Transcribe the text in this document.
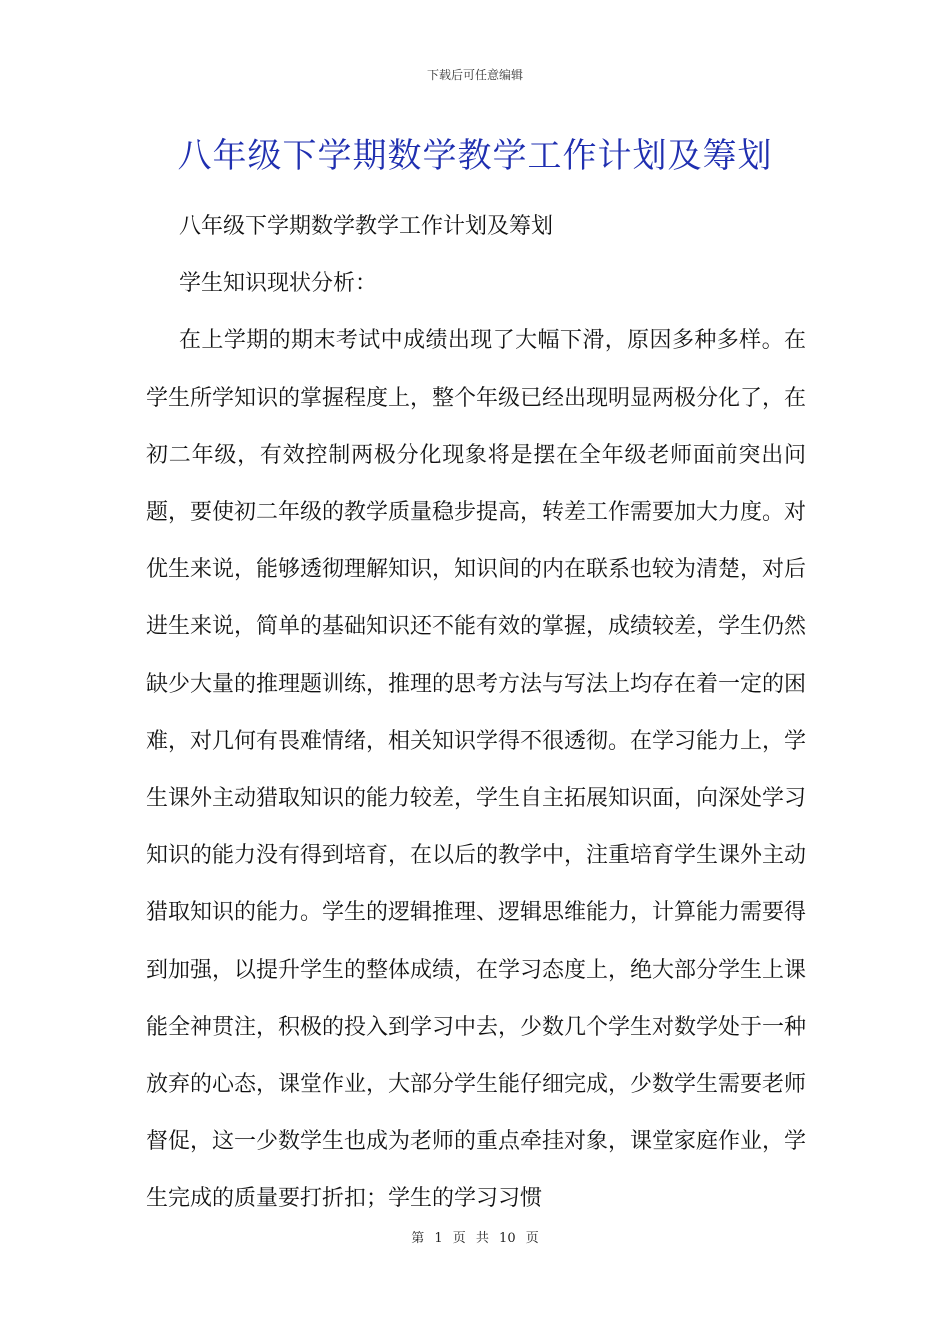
下载后可任意编辑
八年级下学期数学教学工作计划及筹划

八年级下学期数学教学工作计划及筹划

学生知识现状分析：

在上学期的期末考试中成绩出现了大幅下滑，原因多种多样。在学生所学知识的掌握程度上，整个年级已经出现明显两极分化了，在初二年级，有效控制两极分化现象将是摆在全年级老师面前突出问题，要使初二年级的教学质量稳步提高，转差工作需要加大力度。对优生来说，能够透彻理解知识，知识间的内在联系也较为清楚，对后进生来说，简单的基础知识还不能有效的掌握，成绩较差，学生仍然缺少大量的推理题训练，推理的思考方法与写法上均存在着一定的困难，对几何有畏难情绪，相关知识学得不很透彻。在学习能力上，学生课外主动猎取知识的能力较差，学生自主拓展知识面，向深处学习知识的能力没有得到培育，在以后的教学中，注重培育学生课外主动猎取知识的能力。学生的逻辑推理、逻辑思维能力，计算能力需要得到加强，以提升学生的整体成绩，在学习态度上，绝大部分学生上课能全神贯注，积极的投入到学习中去，少数几个学生对数学处于一种放弃的心态，课堂作业，大部分学生能仔细完成，少数学生需要老师督促，这一少数学生也成为老师的重点牵挂对象，课堂家庭作业，学生完成的质量要打折扣；学生的学习习惯

第 1 页 共 10 页
